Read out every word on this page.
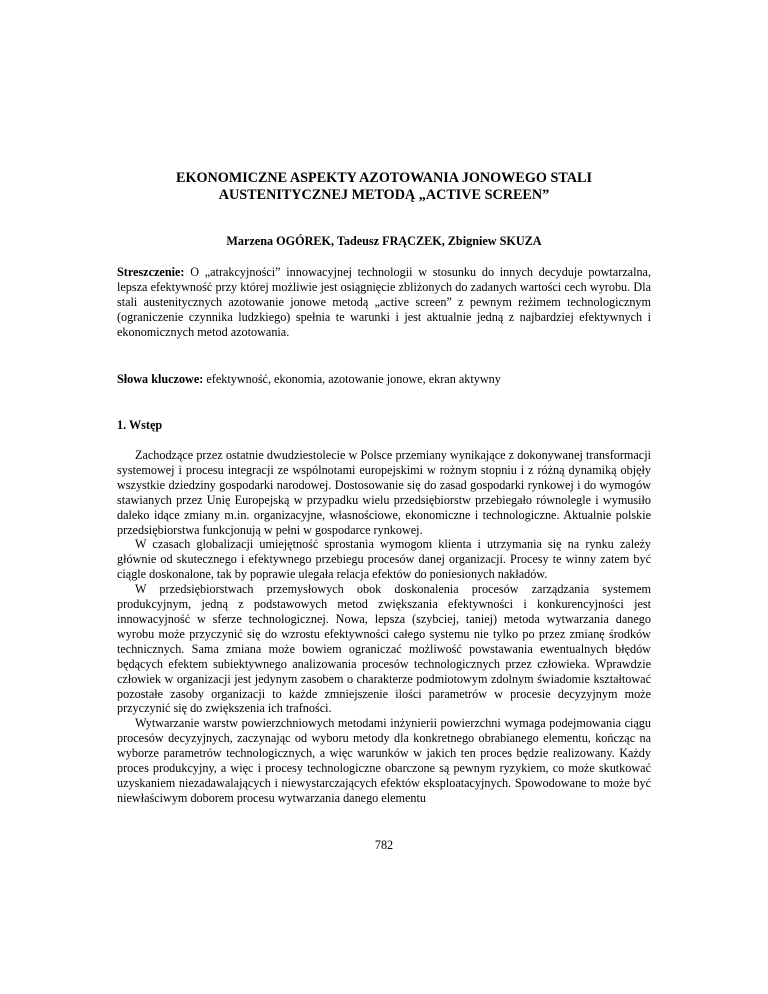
EKONOMICZNE ASPEKTY AZOTOWANIA JONOWEGO STALI
AUSTENITYCZNEJ METODĄ „ACTIVE SCREEN”
Marzena OGÓREK, Tadeusz FRĄCZEK, Zbigniew SKUZA
Streszczenie: O „atrakcyjności” innowacyjnej technologii w stosunku do innych decyduje powtarzalna, lepsza efektywność przy której możliwie jest osiągnięcie zbliżonych do zadanych wartości cech wyrobu. Dla stali austenitycznych azotowanie jonowe metodą „active screen” z pewnym reżimem technologicznym (ograniczenie czynnika ludzkiego) spełnia te warunki i jest aktualnie jedną z najbardziej efektywnych i ekonomicznych metod azotowania.
Słowa kluczowe: efektywność, ekonomia, azotowanie jonowe, ekran aktywny
1. Wstęp

Zachodzące przez ostatnie dwudziestolecie w Polsce przemiany wynikające z dokonywanej transformacji systemowej i procesu integracji ze wspólnotami europejskimi w rożnym stopniu i z różną dynamiką objęły wszystkie dziedziny gospodarki narodowej. Dostosowanie się do zasad gospodarki rynkowej i do wymogów stawianych przez Unię Europejską w przypadku wielu przedsiębiorstw przebiegało równolegle i wymusiło daleko idące zmiany m.in. organizacyjne, własnościowe, ekonomiczne i technologiczne. Aktualnie polskie przedsiębiorstwa funkcjonują w pełni w gospodarce rynkowej.

W czasach globalizacji umiejętność sprostania wymogom klienta i utrzymania się na rynku zależy głównie od skutecznego i efektywnego przebiegu procesów danej organizacji. Procesy te winny zatem być ciągle doskonalone, tak by poprawie ulegała relacja efektów do poniesionych nakładów.

W przedsiębiorstwach przemysłowych obok doskonalenia procesów zarządzania systemem produkcyjnym, jedną z podstawowych metod zwiększania efektywności i konkurencyjności jest innowacyjność w sferze technologicznej. Nowa, lepsza (szybciej, taniej) metoda wytwarzania danego wyrobu może przyczynić się do wzrostu efektywności całego systemu nie tylko po przez zmianę środków technicznych. Sama zmiana może bowiem ograniczać możliwość powstawania ewentualnych błędów będących efektem subiektywnego analizowania procesów technologicznych przez człowieka. Wprawdzie człowiek w organizacji jest jedynym zasobem o charakterze podmiotowym zdolnym świadomie kształtować pozostałe zasoby organizacji to każde zmniejszenie ilości parametrów w procesie decyzyjnym może przyczynić się do zwiększenia ich trafności.

Wytwarzanie warstw powierzchniowych metodami inżynierii powierzchni wymaga podejmowania ciągu procesów decyzyjnych, zaczynając od wyboru metody dla konkretnego obrabianego elementu, kończąc na wyborze parametrów technologicznych, a więc warunków w jakich ten proces będzie realizowany. Każdy proces produkcyjny, a więc i procesy technologiczne obarczone są pewnym ryzykiem, co może skutkować uzyskaniem niezadawalających i niewystarczających efektów eksploatacyjnych. Spowodowane to może być niewłaściwym doborem procesu wytwarzania danego elementu

782
